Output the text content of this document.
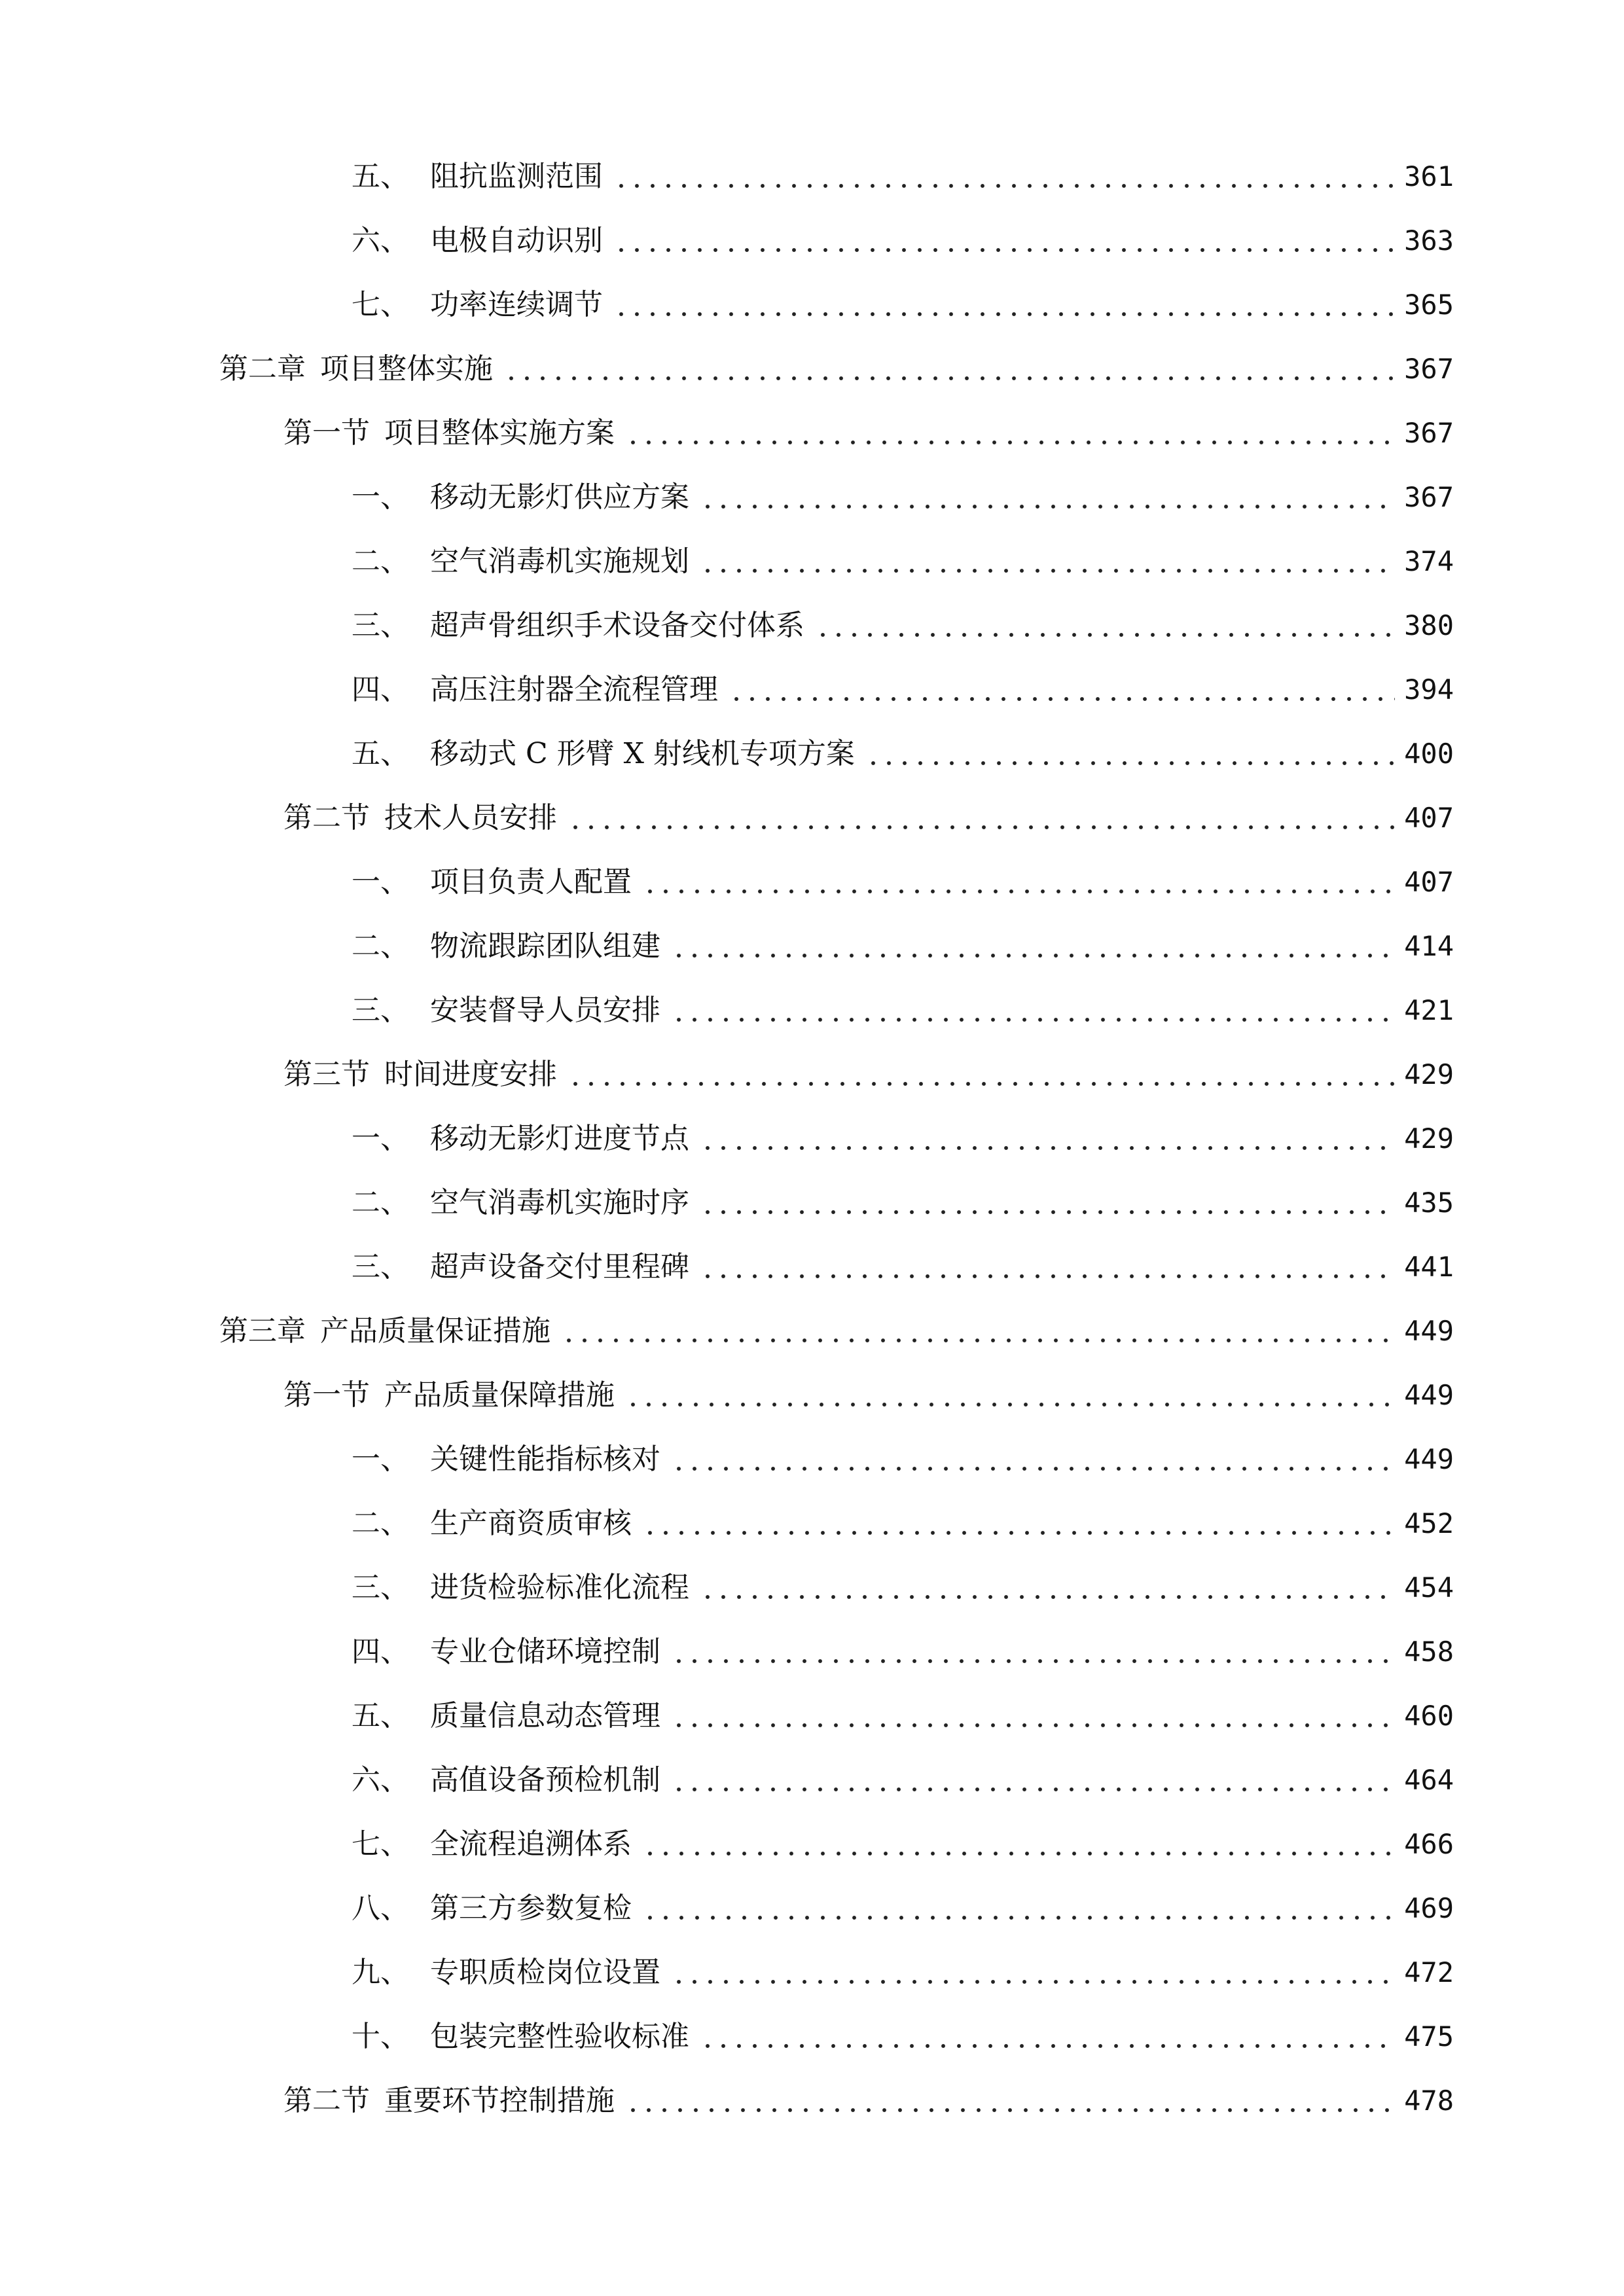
五、 阻抗监测范围	361
六、 电极自动识别	363
七、 功率连续调节	365
第二章 项目整体实施	367
第一节 项目整体实施方案	367
一、 移动无影灯供应方案	367
二、 空气消毒机实施规划	374
三、 超声骨组织手术设备交付体系	380
四、 高压注射器全流程管理	394
五、 移动式 C 形臂 X 射线机专项方案	400
第二节 技术人员安排	407
一、 项目负责人配置	407
二、 物流跟踪团队组建	414
三、 安装督导人员安排	421
第三节 时间进度安排	429
一、 移动无影灯进度节点	429
二、 空气消毒机实施时序	435
三、 超声设备交付里程碑	441
第三章 产品质量保证措施	449
第一节 产品质量保障措施	449
一、 关键性能指标核对	449
二、 生产商资质审核	452
三、 进货检验标准化流程	454
四、 专业仓储环境控制	458
五、 质量信息动态管理	460
六、 高值设备预检机制	464
七、 全流程追溯体系	466
八、 第三方参数复检	469
九、 专职质检岗位设置	472
十、 包装完整性验收标准	475
第二节 重要环节控制措施	478
